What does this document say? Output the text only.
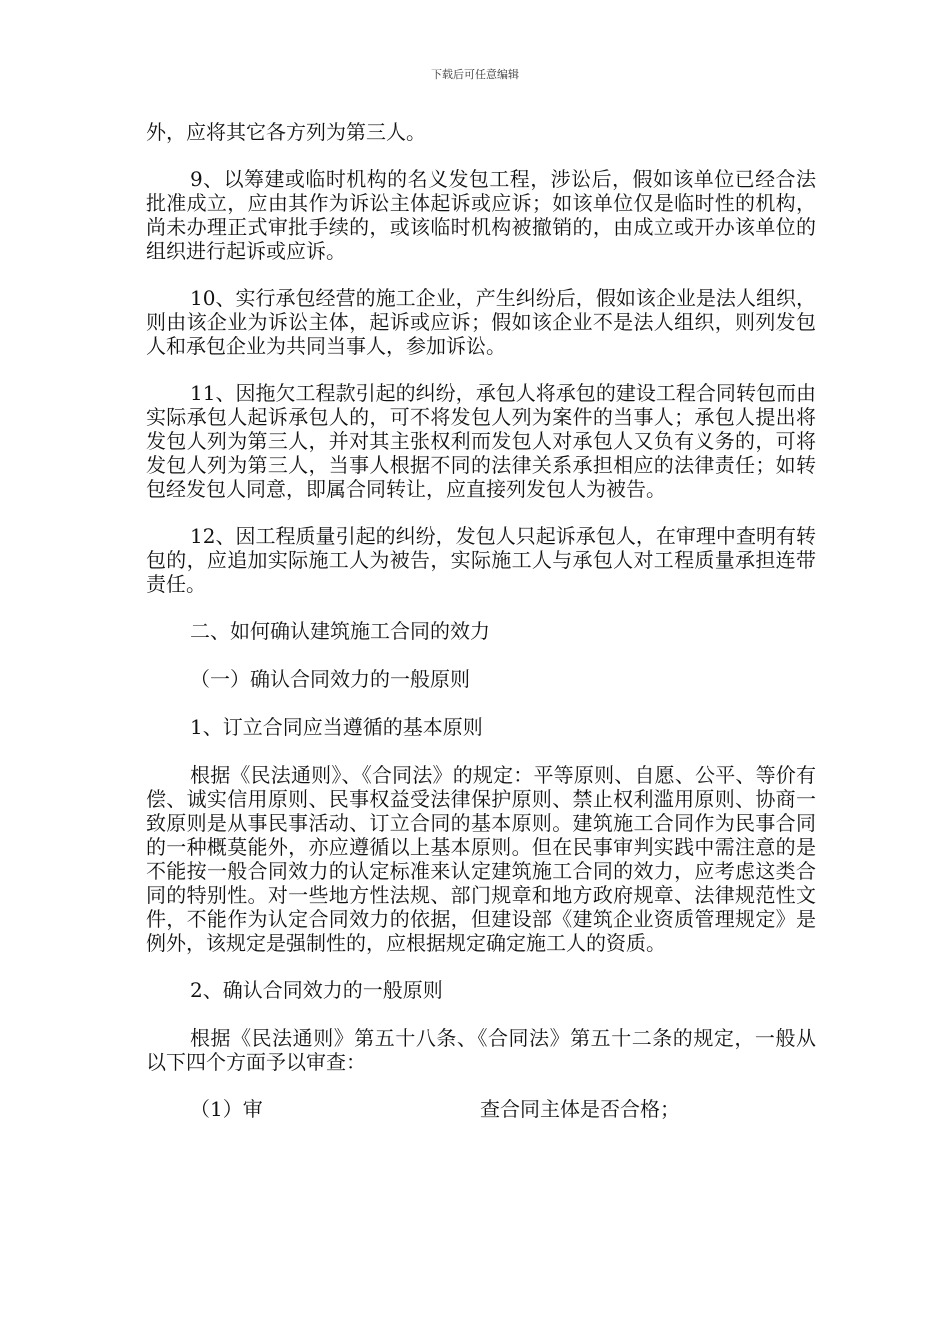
下载后可任意编辑

外，应将其它各方列为第三人。

9、以筹建或临时机构的名义发包工程，涉讼后，假如该单位已经合法批准成立，应由其作为诉讼主体起诉或应诉；如该单位仅是临时性的机构，尚未办理正式审批手续的，或该临时机构被撤销的，由成立或开办该单位的组织进行起诉或应诉。

10、实行承包经营的施工企业，产生纠纷后，假如该企业是法人组织，则由该企业为诉讼主体，起诉或应诉；假如该企业不是法人组织，则列发包人和承包企业为共同当事人，参加诉讼。

11、因拖欠工程款引起的纠纷，承包人将承包的建设工程合同转包而由实际承包人起诉承包人的，可不将发包人列为案件的当事人；承包人提出将发包人列为第三人，并对其主张权利而发包人对承包人又负有义务的，可将发包人列为第三人，当事人根据不同的法律关系承担相应的法律责任；如转包经发包人同意，即属合同转让，应直接列发包人为被告。

12、因工程质量引起的纠纷，发包人只起诉承包人，在审理中查明有转包的，应追加实际施工人为被告，实际施工人与承包人对工程质量承担连带责任。

二、如何确认建筑施工合同的效力

（一）确认合同效力的一般原则

1、订立合同应当遵循的基本原则

根据《民法通则》、《合同法》的规定：平等原则、自愿、公平、等价有偿、诚实信用原则、民事权益受法律保护原则、禁止权利滥用原则、协商一致原则是从事民事活动、订立合同的基本原则。建筑施工合同作为民事合同的一种概莫能外，亦应遵循以上基本原则。但在民事审判实践中需注意的是不能按一般合同效力的认定标准来认定建筑施工合同的效力，应考虑这类合同的特别性。对一些地方性法规、部门规章和地方政府规章、法律规范性文件，不能作为认定合同效力的依据，但建设部《建筑企业资质管理规定》是例外，该规定是强制性的，应根据规定确定施工人的资质。

2、确认合同效力的一般原则

根据《民法通则》第五十八条、《合同法》第五十二条的规定，一般从以下四个方面予以审查：

（1）审	查合同主体是否合格；
